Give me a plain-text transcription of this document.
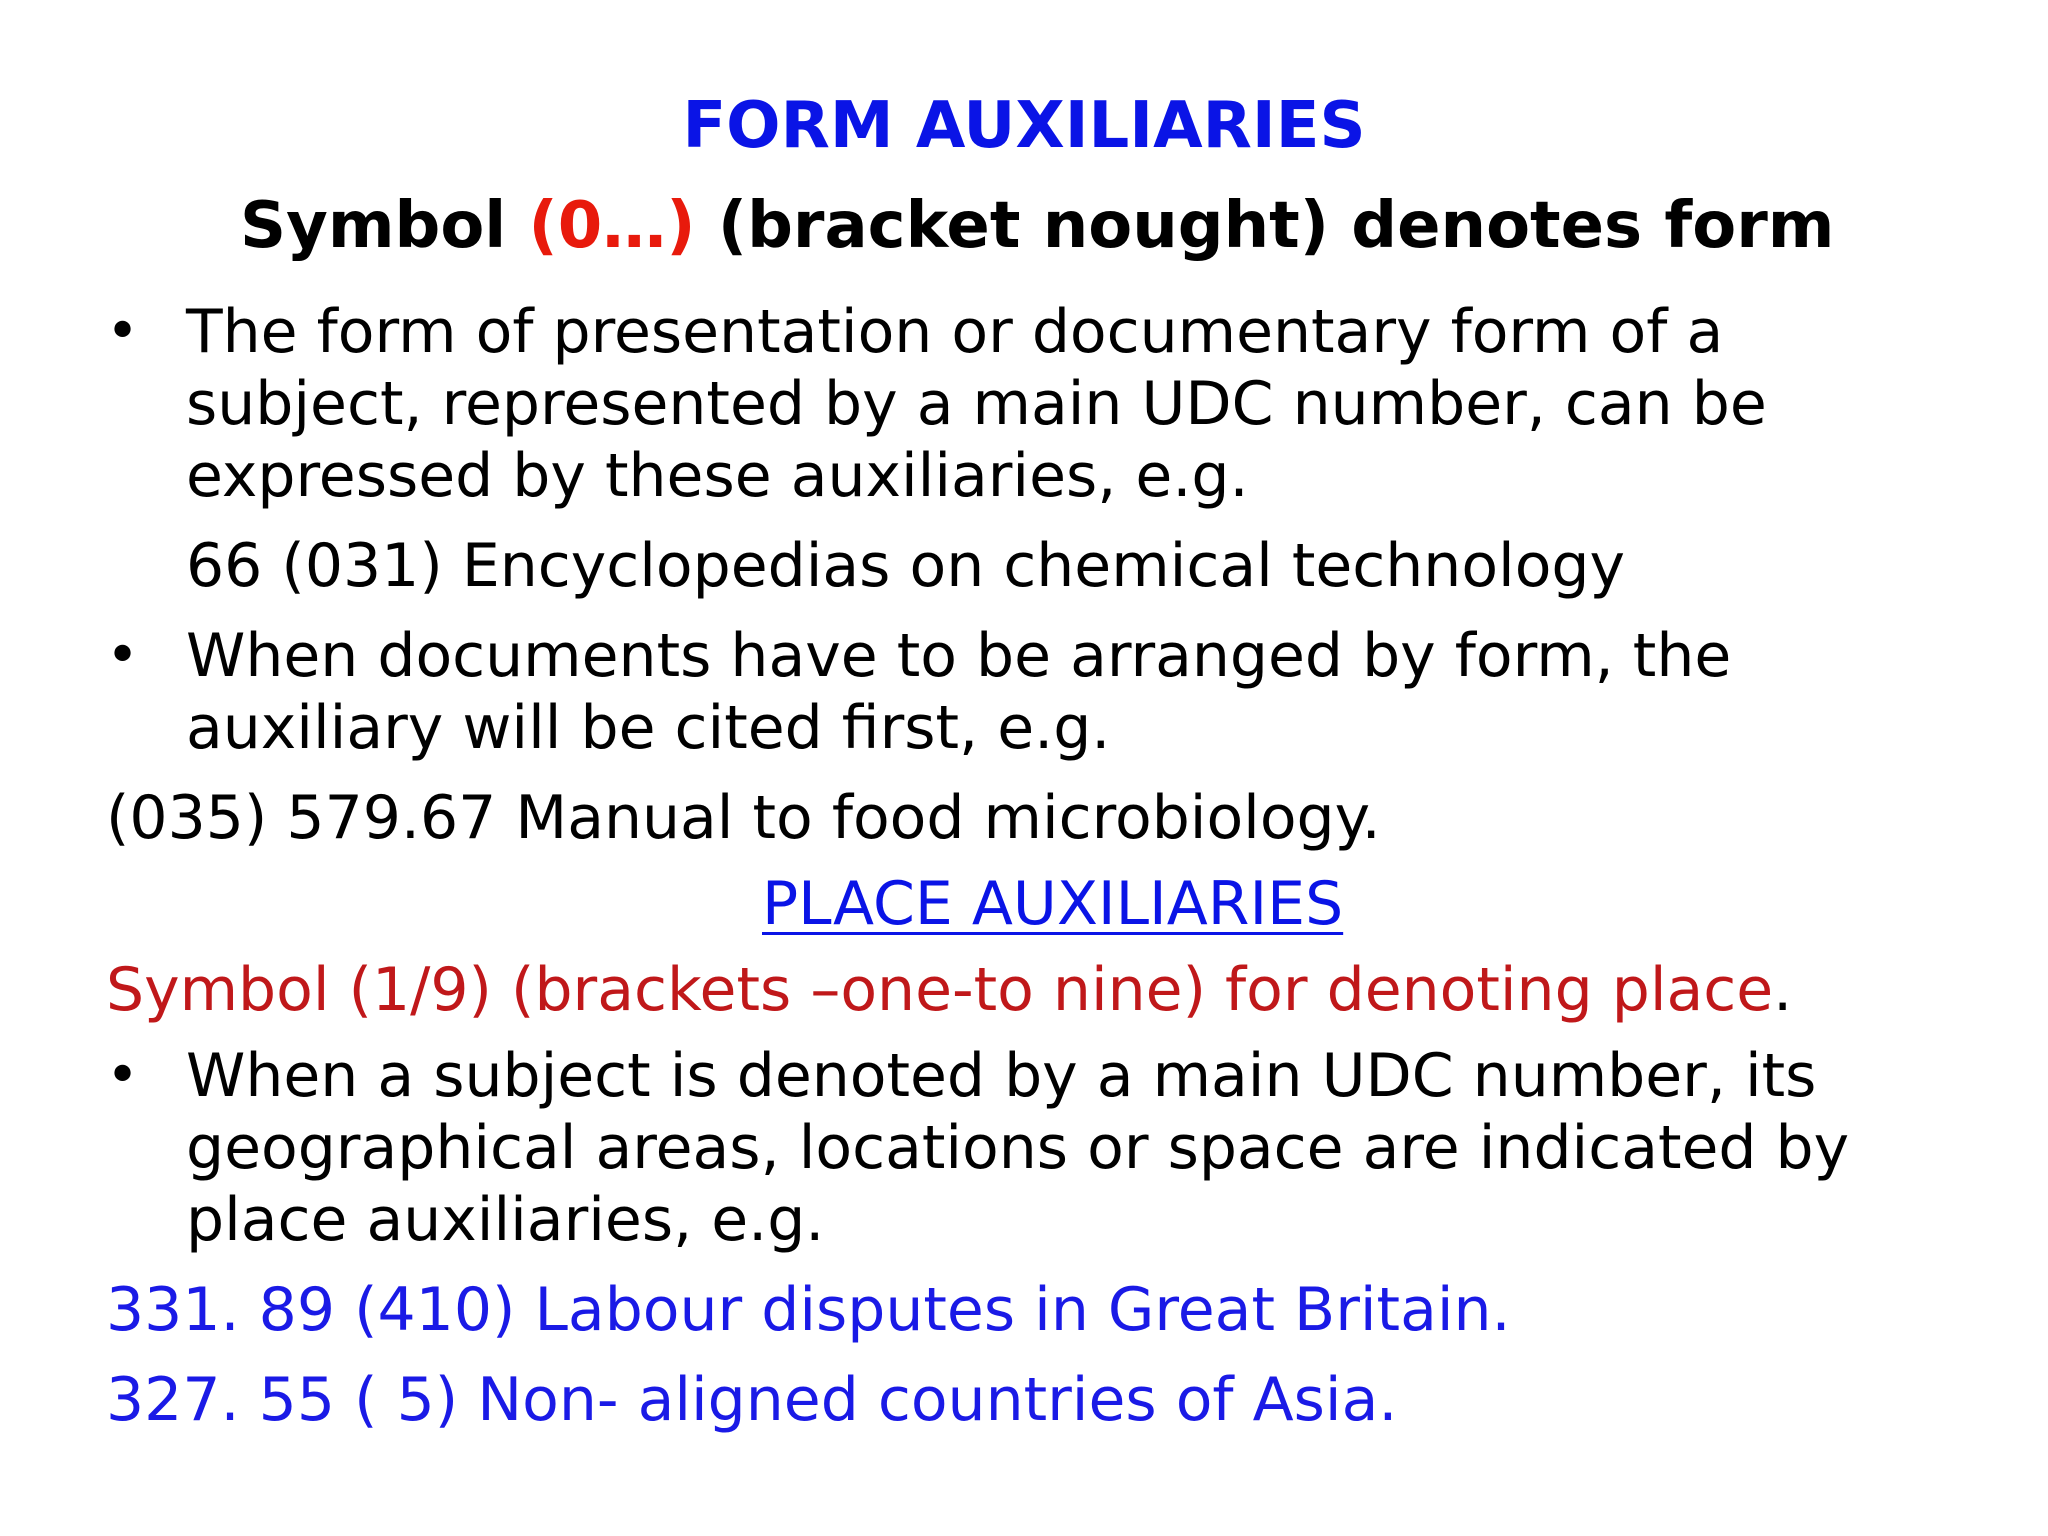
FORM AUXILIARIES
Symbol (0…) (bracket nought) denotes form
• The form of presentation or documentary form of a
subject, represented by a main UDC number, can be
expressed by these auxiliaries, e.g.
66 (031) Encyclopedias on chemical technology
• When documents have to be arranged by form, the
auxiliary will be cited first, e.g.
(035) 579.67 Manual to food microbiology.
PLACE AUXILIARIES
Symbol (1/9) (brackets –one-to nine) for denoting place.
• When a subject is denoted by a main UDC number, its
geographical areas, locations or space are indicated by
place auxiliaries, e.g.
331. 89 (410) Labour disputes in Great Britain.
327. 55 ( 5) Non- aligned countries of Asia.
